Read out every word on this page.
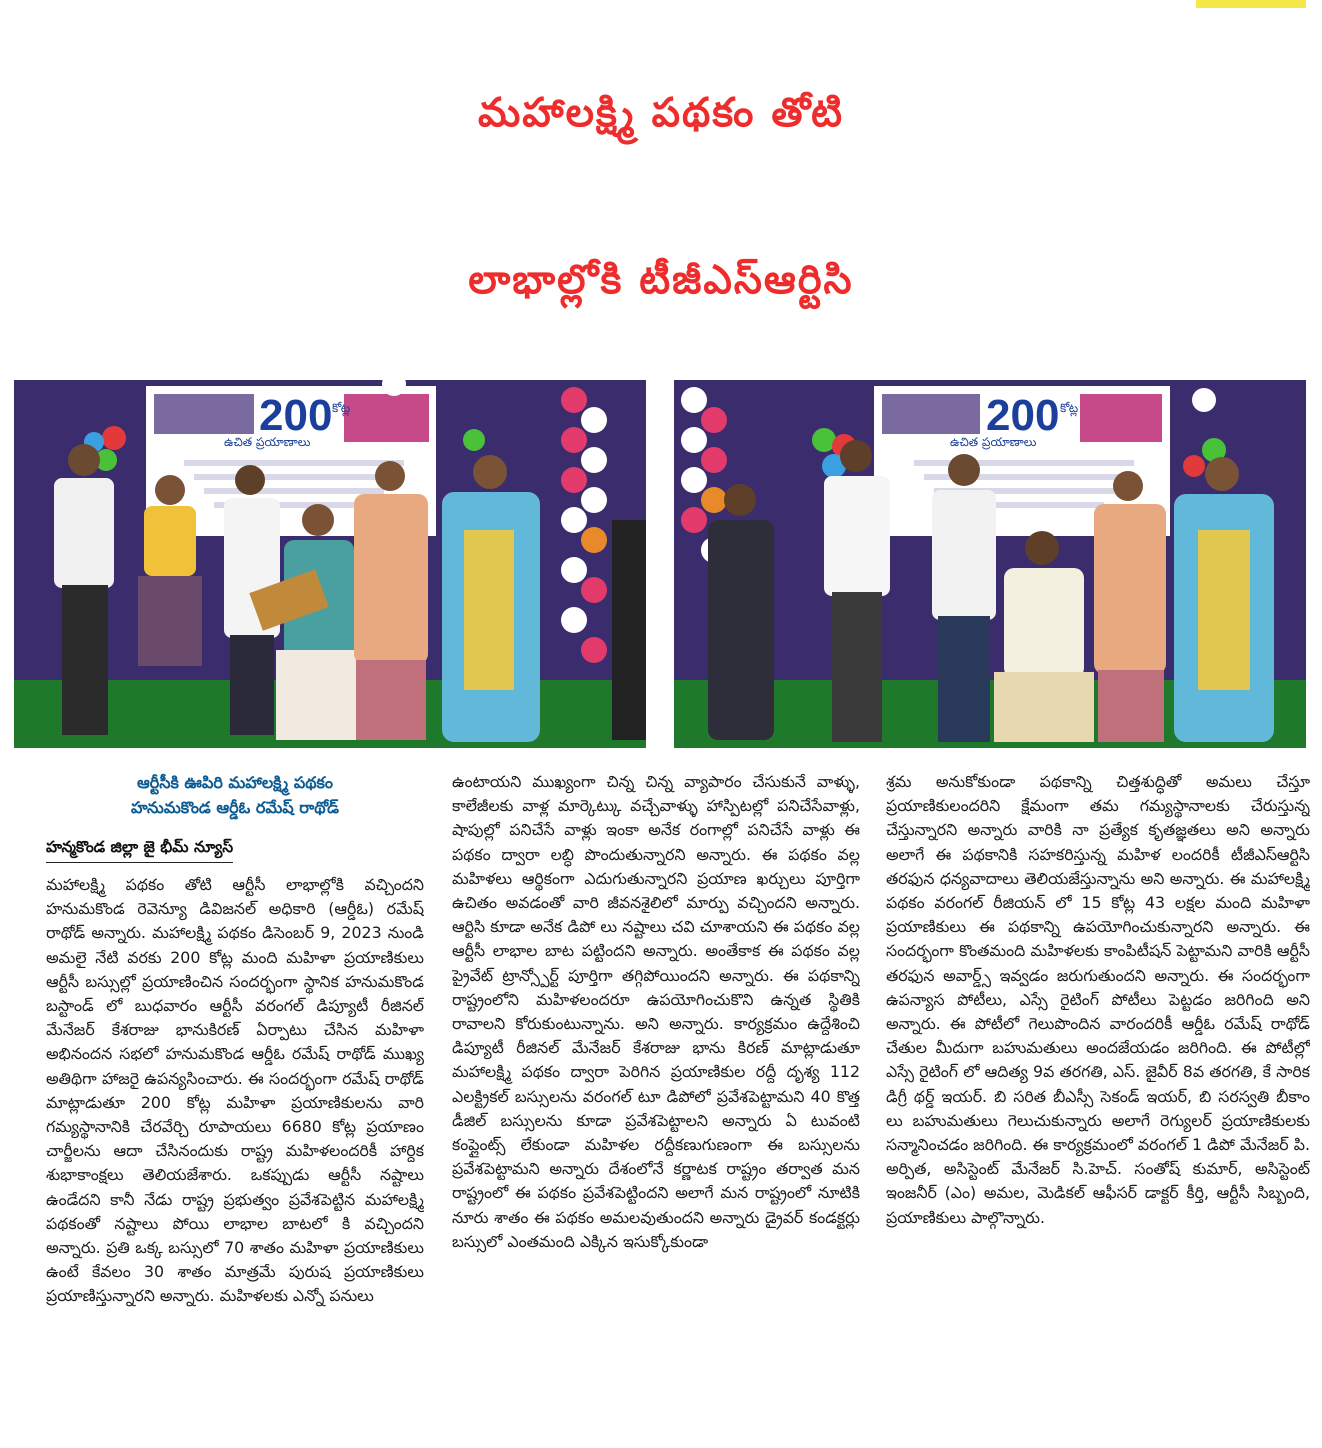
మహాలక్ష్మి పథకం తోటి
లాభాల్లోకి టీజీఎస్ఆర్టిసి
200 కోట్ల
ఉచిత ప్రయాణాలు
200 కోట్ల
ఉచిత ప్రయాణాలు

ఆర్టీసీకి ఊపిరి మహాలక్ష్మి పథకం

హనుమకొండ ఆర్డీఓ రమేష్ రాథోడ్

హన్మకొండ జిల్లా జై భీమ్ న్యూస్

మహాలక్ష్మి పథకం తోటి ఆర్టీసీ లాభాల్లోకి వచ్చిందని హనుమకొండ రెవెన్యూ డివిజనల్ అధికారి (ఆర్డీఓ) రమేష్ రాథోడ్ అన్నారు. మహాలక్ష్మి పథకం డిసెంబర్ 9, 2023 నుండి అమలై నేటి వరకు 200 కోట్ల మంది మహిళా ప్రయాణికులు ఆర్టీసీ బస్సుల్లో ప్రయాణించిన సందర్భంగా స్థానిక హనుమకొండ బస్టాండ్ లో బుధవారం ఆర్టీసీ వరంగల్ డిప్యూటీ రీజినల్ మేనేజర్ కేశరాజు భానుకిరణ్ ఏర్పాటు చేసిన మహిళా అభినందన సభలో హనుమకొండ ఆర్డీఓ రమేష్ రాథోడ్ ముఖ్య అతిథిగా హాజరై ఉపన్యసించారు. ఈ సందర్భంగా రమేష్ రాథోడ్ మాట్లాడుతూ 200 కోట్ల మహిళా ప్రయాణికులను వారి గమ్యస్థానానికి చేరవేర్చి రూపాయలు 6680 కోట్ల ప్రయాణం చార్జీలను ఆదా చేసినందుకు రాష్ట్ర మహిళలందరికీ హార్దిక శుభాకాంక్షలు తెలియజేశారు. ఒకప్పుడు ఆర్టీసీ నష్టాలు ఉండేదని కానీ నేడు రాష్ట్ర ప్రభుత్వం ప్రవేశపెట్టిన మహాలక్ష్మి పథకంతో నష్టాలు పోయి లాభాల బాటలో కి వచ్చిందని అన్నారు. ప్రతి ఒక్క బస్సులో 70 శాతం మహిళా ప్రయాణికులు ఉంటే కేవలం 30 శాతం మాత్రమే పురుష ప్రయాణికులు ప్రయాణిస్తున్నారని అన్నారు. మహిళలకు ఎన్నో పనులు

ఉంటాయని ముఖ్యంగా చిన్న చిన్న వ్యాపారం చేసుకునే వాళ్ళు, కాలేజీలకు వాళ్ల మార్కెట్కు వచ్చేవాళ్ళు హాస్పిటల్లో పనిచేసేవాళ్లు, షాపుల్లో పనిచేసే వాళ్లు ఇంకా అనేక రంగాల్లో పనిచేసే వాళ్లు ఈ పథకం ద్వారా లబ్ధి పొందుతున్నారని అన్నారు. ఈ పథకం వల్ల మహిళలు ఆర్థికంగా ఎదుగుతున్నారని ప్రయాణ ఖర్చులు పూర్తిగా ఉచితం అవడంతో వారి జీవనశైలిలో మార్పు వచ్చిందని అన్నారు. ఆర్టిసి కూడా అనేక డిపో లు నష్టాలు చవి చూశాయని ఈ పథకం వల్ల ఆర్టీసీ లాభాల బాట పట్టిందని అన్నారు. అంతేకాక ఈ పథకం వల్ల ప్రైవేట్ ట్రాన్స్పోర్ట్ పూర్తిగా తగ్గిపోయిందని అన్నారు. ఈ పథకాన్ని రాష్ట్రంలోని మహిళలందరూ ఉపయోగించుకొని ఉన్నత స్థితికి రావాలని కోరుకుంటున్నాను. అని అన్నారు. కార్యక్రమం ఉద్దేశించి డిప్యూటీ రీజినల్ మేనేజర్ కేశరాజు భాను కిరణ్ మాట్లాడుతూ మహాలక్ష్మి పథకం ద్వారా పెరిగిన ప్రయాణికుల రద్దీ దృశ్య 112 ఎలక్ట్రికల్ బస్సులను వరంగల్ టూ డిపోలో ప్రవేశపెట్టామని 40 కొత్త డీజిల్ బస్సులను కూడా ప్రవేశపెట్టాలని అన్నారు ఏ టువంటి కంప్లైంట్స్ లేకుండా మహిళల రద్దీకణుగుణంగా ఈ బస్సులను ప్రవేశపెట్టామని అన్నారు దేశంలోనే కర్ణాటక రాష్ట్రం తర్వాత మన రాష్ట్రంలో ఈ పథకం ప్రవేశపెట్టిందని అలాగే మన రాష్ట్రంలో నూటికి నూరు శాతం ఈ పథకం అమలవుతుందని అన్నారు డ్రైవర్ కండక్టర్లు బస్సులో ఎంతమంది ఎక్కిన ఇసుక్కోకుండా

శ్రమ అనుకోకుండా పథకాన్ని చిత్తశుద్ధితో అమలు చేస్తూ ప్రయాణికులందరిని క్షేమంగా తమ గమ్యస్థానాలకు చేరుస్తున్న చేస్తున్నారని అన్నారు వారికి నా ప్రత్యేక కృతజ్ఞతలు అని అన్నారు అలాగే ఈ పథకానికి సహకరిస్తున్న మహిళ లందరికీ టీజీఎస్ఆర్టిసి తరఫున ధన్యవాదాలు తెలియజేస్తున్నాను అని అన్నారు. ఈ మహాలక్ష్మి పథకం వరంగల్ రీజియన్ లో 15 కోట్ల 43 లక్షల మంది మహిళా ప్రయాణికులు ఈ పథకాన్ని ఉపయోగించుకున్నారని అన్నారు. ఈ సందర్భంగా కొంతమంది మహిళలకు కాంపిటీషన్ పెట్టామని వారికి ఆర్టీసీ తరఫున అవార్డ్స్ ఇవ్వడం జరుగుతుందని అన్నారు. ఈ సందర్భంగా ఉపన్యాస పోటీలు, ఎస్సే రైటింగ్ పోటీలు పెట్టడం జరిగింది అని అన్నారు. ఈ పోటీలో గెలుపొందిన వారందరికీ ఆర్డీఓ రమేష్ రాథోడ్ చేతుల మీదుగా బహుమతులు అందజేయడం జరిగింది. ఈ పోటీల్లో ఎస్సే రైటింగ్ లో ఆదిత్య 9వ తరగతి, ఎస్. జైవీర్ 8వ తరగతి, కే సారిక డిగ్రీ థర్డ్ ఇయర్. బి సరిత బీఎస్సీ సెకండ్ ఇయర్, బి సరస్వతి బీకాం లు బహుమతులు గెలుచుకున్నారు అలాగే రెగ్యులర్ ప్రయాణికులకు సన్మానించడం జరిగింది. ఈ కార్యక్రమంలో వరంగల్ 1 డిపో మేనేజర్ పి. అర్పిత, అసిస్టెంట్ మేనేజర్ సి.హెచ్. సంతోష్ కుమార్, అసిస్టెంట్ ఇంజనీర్ (ఎం) అమల, మెడికల్ ఆఫీసర్ డాక్టర్ కీర్తి, ఆర్టీసీ సిబ్బంది, ప్రయాణికులు పాల్గొన్నారు.
